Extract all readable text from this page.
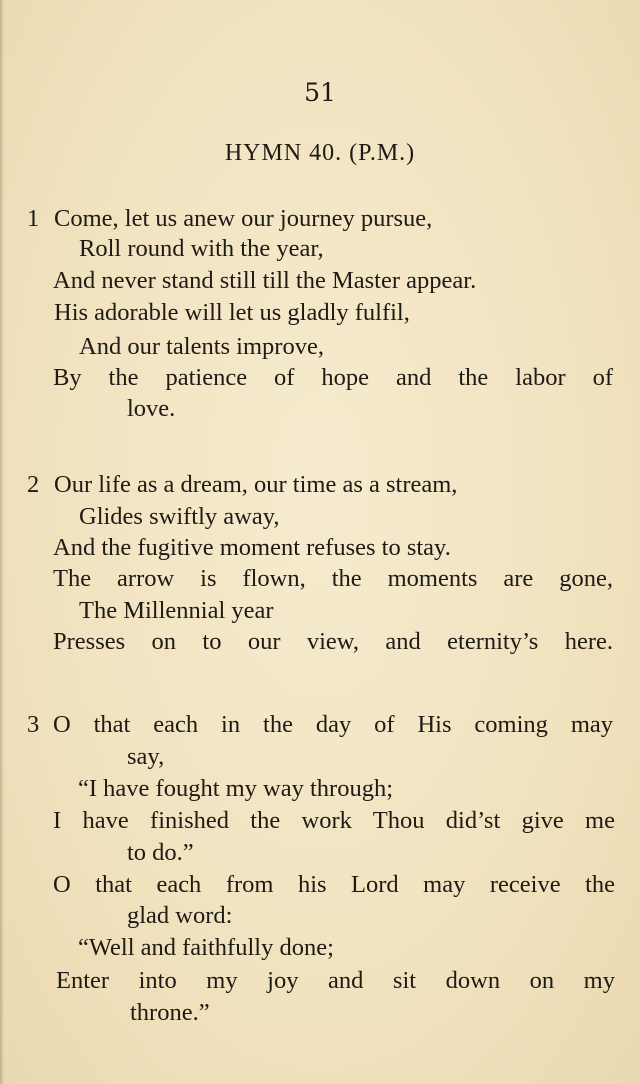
51
HYMN 40. (P.M.)
1 Come, let us anew our journey pursue,
Roll round with the year,
And never stand still till the Master appear.
His adorable will let us gladly fulfil,
And our talents improve,
By the patience of hope and the labor of
love.
2 Our life as a dream, our time as a stream,
Glides swiftly away,
And the fugitive moment refuses to stay.
The arrow is flown, the moments are gone,
The Millennial year
Presses on to our view, and eternity’s here.
3 O that each in the day of His coming may
say,
“I have fought my way through;
I have finished the work Thou did’st give me
to do.”
O that each from his Lord may receive the
glad word:
“Well and faithfully done;
Enter into my joy and sit down on my
throne.”
